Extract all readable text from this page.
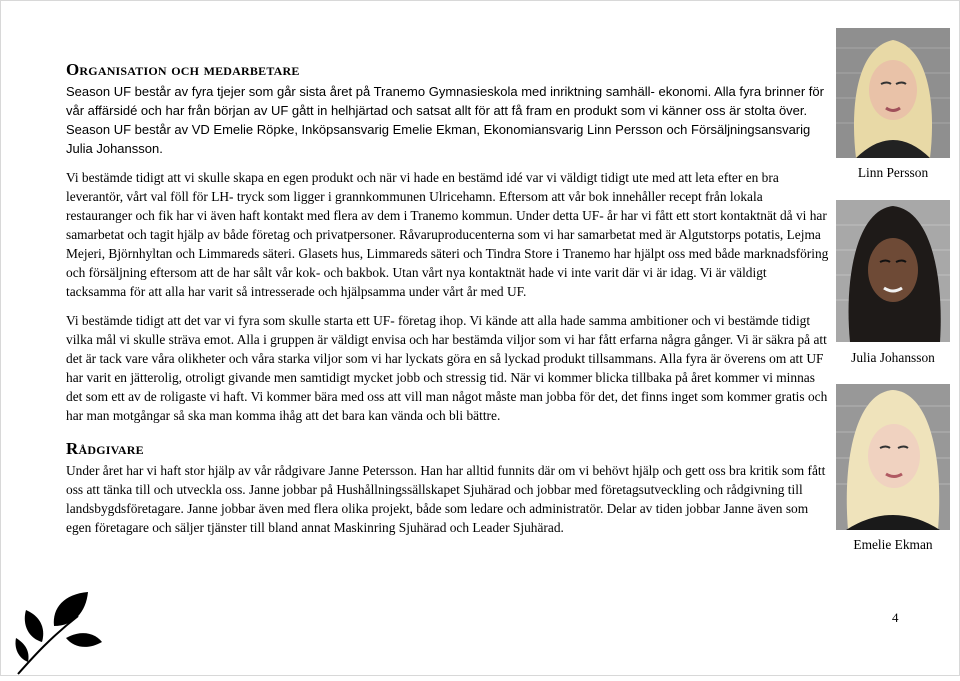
Organisation och medarbetare

Season UF består av fyra tjejer som går sista året på Tranemo Gymnasieskola med inriktning samhäll- ekonomi. Alla fyra brinner för vår affärsidé och har från början av UF gått in helhjärtad och satsat allt för att få fram en produkt som vi känner oss är stolta över. Season UF består av VD Emelie Röpke, Inköpsansvarig Emelie Ekman, Ekonomiansvarig Linn Persson och Försäljningsansvarig Julia Johansson.

Vi bestämde tidigt att vi skulle skapa en egen produkt och när vi hade en bestämd idé var vi väldigt tidigt ute med att leta efter en bra leverantör, vårt val föll för LH- tryck som ligger i grannkommunen Ulricehamn. Eftersom att vår bok innehåller recept från lokala restauranger och fik har vi även haft kontakt med flera av dem i Tranemo kommun. Under detta UF- år har vi fått ett stort kontaktnät då vi har samarbetat och tagit hjälp av både företag och privatpersoner. Råvaruproducenterna som vi har samarbetat med är Algutstorps potatis, Lejma Mejeri, Björnhyltan och Limmareds säteri. Glasets hus, Limmareds säteri och Tindra Store i Tranemo har hjälpt oss med både marknadsföring och försäljning eftersom att de har sålt vår kok- och bakbok. Utan vårt nya kontaktnät hade vi inte varit där vi är idag. Vi är väldigt tacksamma för att alla har varit så intresserade och hjälpsamma under vårt år med UF.

Vi bestämde tidigt att det var vi fyra som skulle starta ett UF- företag ihop. Vi kände att alla hade samma ambitioner och vi bestämde tidigt vilka mål vi skulle sträva emot. Alla i gruppen är väldigt envisa och har bestämda viljor som vi har fått erfarna några gånger. Vi är säkra på att det är tack vare våra olikheter och våra starka viljor som vi har lyckats göra en så lyckad produkt tillsammans. Alla fyra är överens om att UF har varit en jätterolig, otroligt givande men samtidigt mycket jobb och stressig tid. När vi kommer blicka tillbaka på året kommer vi minnas det som ett av de roligaste vi haft. Vi kommer bära med oss att vill man något måste man jobba för det, det finns inget som kommer gratis och har man motgångar så ska man komma ihåg att det bara kan vända och bli bättre.

Rådgivare

Under året har vi haft stor hjälp av vår rådgivare Janne Petersson. Han har alltid funnits där om vi behövt hjälp och gett oss bra kritik som fått oss att tänka till och utveckla oss. Janne jobbar på Hushållningssällskapet Sjuhärad och jobbar med företagsutveckling och rådgivning till landsbygdsföretagare. Janne jobbar även med flera olika projekt, både som ledare och administratör. Delar av tiden jobbar Janne även som egen företagare och säljer tjänster till bland annat Maskinring Sjuhärad och Leader Sjuhärad.

Linn Persson
Julia Johansson
Emelie Ekman
4
